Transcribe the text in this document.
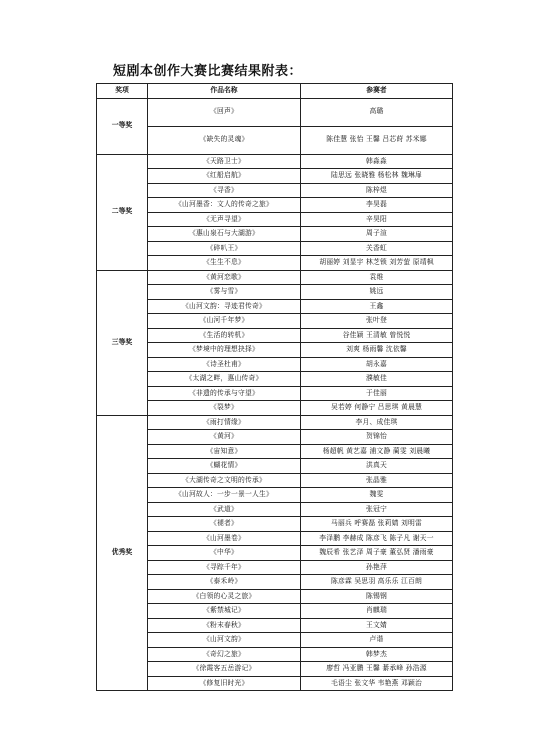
短剧本创作大赛比赛结果附表：
奖项	作品名称	参赛者
一等奖	《回声》	高璐
	《缺失的灵魂》	陈佳慧 张怡 王馨 吕芯莳 苏米娜
二等奖	《天路卫士》	韩淼淼
	《红船启航》	陆思远 张晓雅 杨松林 魏琳扉
	《寻香》	陈梓煜
	《山河墨香：文人的传奇之旅》	李昊磊
	《无声寻望》	辛昊阳
	《惠山泉石与大湖游》	周子渲
	《碎叭王》	关香虹
	《生生不息》	胡丽婷 刘显宇 林芝锁 刘芳萤 原靖枫
三等奖	《黄河恋歌》	袁维
	《雾与雪》	姚远
	《山河文韵：寻迹君传奇》	王鑫
	《山河千年梦》	张叶登
	《生活的转机》	谷佳颖 王清敏 曾悦悦
	《梦境中的理想抉择》	刘爽 杨雨馨 沈依馨
	《诗圣杜甫》	胡永嘉
	《太湖之畔，惠山传奇》	濮敏佳
	《非遗的传承与守望》	于佳丽
	《裂梦》	吴若婷 何静宁 吕思琪 黄晨慧
优秀奖	《雨打情缘》	李月、成佳琪
	《黄河》	贺锦怡
	《宙知意》	杨超帆 黄艺嘉 浦文静 蔺雯 刘晨曦
	《蝴花情》	洪真天
	《大湖传奇之文明的传承》	张晶雅
	《山河故人：一步一景一人生》	魏雯
	《武道》	张冠宁
	《褪者》	马丽兵 呼赛磊 张莉婧 刘明雷
	《山河墨卷》	李泽鹏 李赫成 陈彦飞 陈子凡 谢天一
	《中华》	魏辰希 张艺泽 周子豪 董弘贤 潘雨豪
	《寻踪千年》	孙艳萍
	《泰禾岭》	陈彦霖 吴思羽 高乐乐 江百朗
	《白领的心灵之旅》	陈锡钢
	《紫禁城记》	肖麒瑞
	《粉末春秋》	王文婧
	《山河文韵》	卢谐
	《奇幻之旅》	韩梦杰
	《徐霞客五岳游记》	廖哲 冯亚鹏 王馨 綦承峰 孙浩源
	《修复旧时光》	毛语尘 张文华 韦艳燕 邓颖治
